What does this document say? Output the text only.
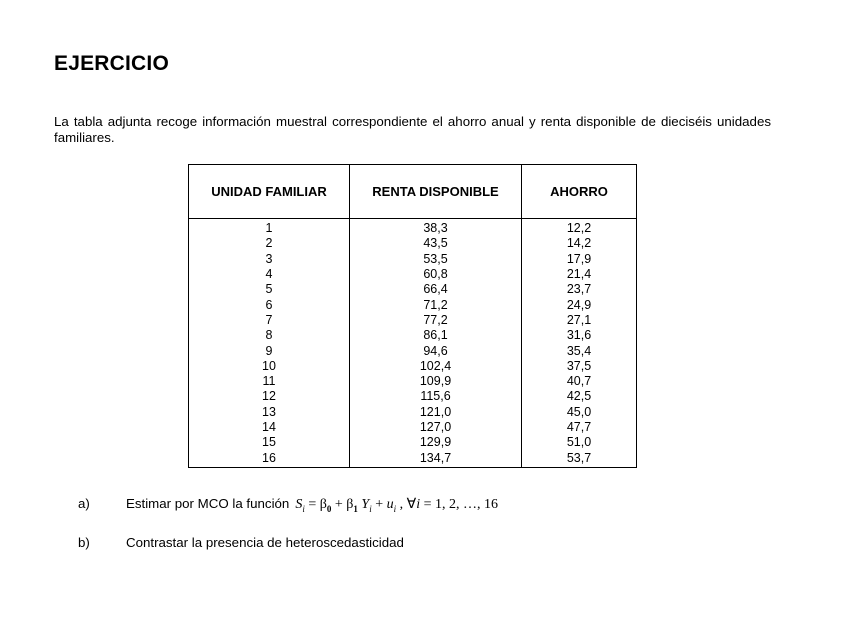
EJERCICIO
La tabla adjunta recoge información muestral correspondiente el ahorro anual y renta disponible de dieciséis unidades familiares.
UNIDAD FAMILIAR	RENTA DISPONIBLE	AHORRO
1	38,3	12,2
2	43,5	14,2
3	53,5	17,9
4	60,8	21,4
5	66,4	23,7
6	71,2	24,9
7	77,2	27,1
8	86,1	31,6
9	94,6	35,4
10	102,4	37,5
11	109,9	40,7
12	115,6	42,5
13	121,0	45,0
14	127,0	47,7
15	129,9	51,0
16	134,7	53,7
a)	Estimar por MCO la función $S_i = \beta_0 + \beta_1$ $Y_i + u_i$ , ∀i = 1, 2, …, 16
b)	Contrastar la presencia de heteroscedasticidad
